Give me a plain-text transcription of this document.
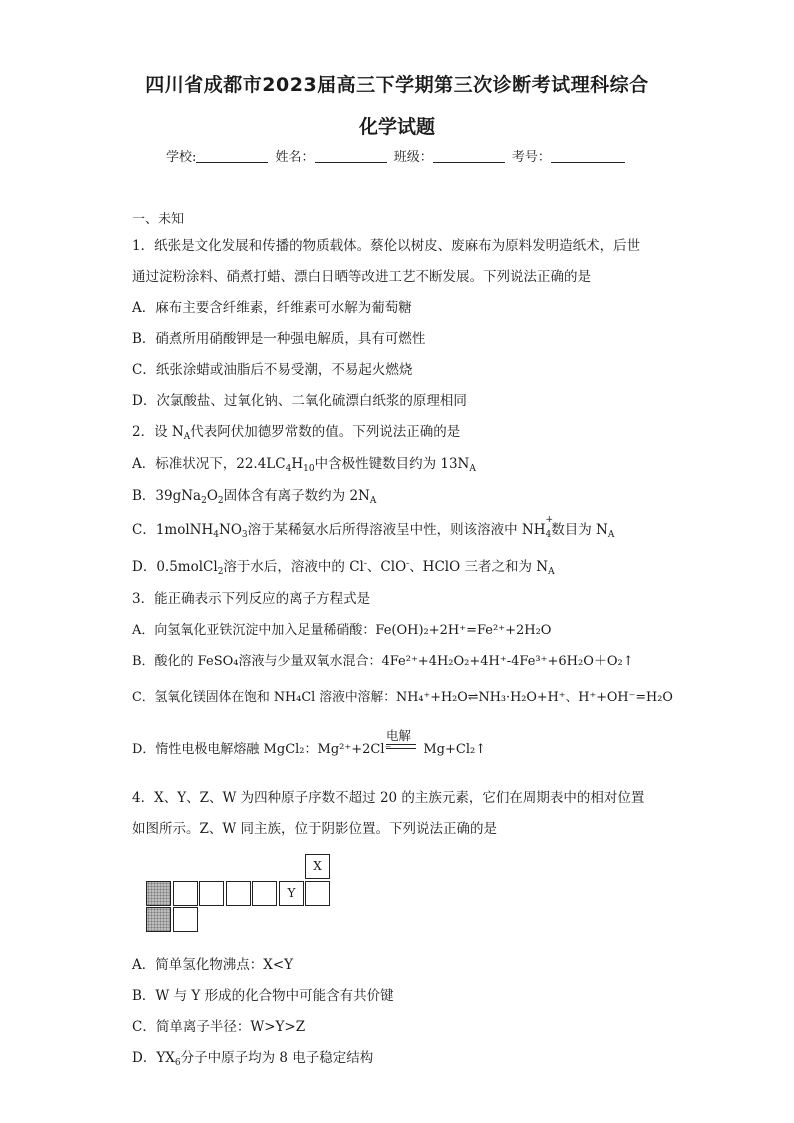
四川省成都市2023届高三下学期第三次诊断考试理科综合
化学试题
学校:	姓名：	班级：	考号：
一、未知
1．纸张是文化发展和传播的物质载体。蔡伦以树皮、废麻布为原料发明造纸术，后世
通过淀粉涂料、硝煮打蜡、漂白日晒等改进工艺不断发展。下列说法正确的是
A．麻布主要含纤维素，纤维素可水解为葡萄糖
B．硝煮所用硝酸钾是一种强电解质，具有可燃性
C．纸张涂蜡或油脂后不易受潮，不易起火燃烧
D．次氯酸盐、过氧化钠、二氧化硫漂白纸浆的原理相同
2．设 $N_A$代表阿伏加德罗常数的值。下列说法正确的是
A．标准状况下，$22.4LC_4H_{10}$中含极性键数目约为 $13N_A$
B．$39gNa_2O_2$固体含有离子数约为 $2N_A$
C．$1molNH_4NO_3$溶于某稀氨水后所得溶液呈中性，则该溶液中 NH
+
$_4$数目为 $N_A$
D．0.5molCl$_2$溶于水后，溶液中的 Cl-、ClO-、HClO 三者之和为 $N_A$
3．能正确表示下列反应的离子方程式是
A．向氢氧化亚铁沉淀中加入足量稀硝酸：Fe(OH)₂+2H⁺=Fe²⁺+2H₂O
B．酸化的 FeSO₄溶液与少量双氧水混合：4Fe²⁺+4H₂O₂+4H⁺-4Fe³⁺+6H₂O＋O₂↑
C．氢氧化镁固体在饱和 NH₄Cl 溶液中溶解：NH₄⁺+H₂O⇌NH₃·H₂O+H⁺、H⁺+OH⁻=H₂O
电解
D．惰性电极电解熔融 MgCl₂：Mg²⁺+2Cl⁻ Mg+Cl₂↑
4．X、Y、Z、W 为四种原子序数不超过 20 的主族元素，它们在周期表中的相对位置
如图所示。Z、W 同主族，位于阴影位置。下列说法正确的是
X
Y
A．简单氢化物沸点：X<Y
B．W 与 Y 形成的化合物中可能含有共价键
C．简单离子半径：W>Y>Z
D．$YX_6$分子中原子均为 8 电子稳定结构
